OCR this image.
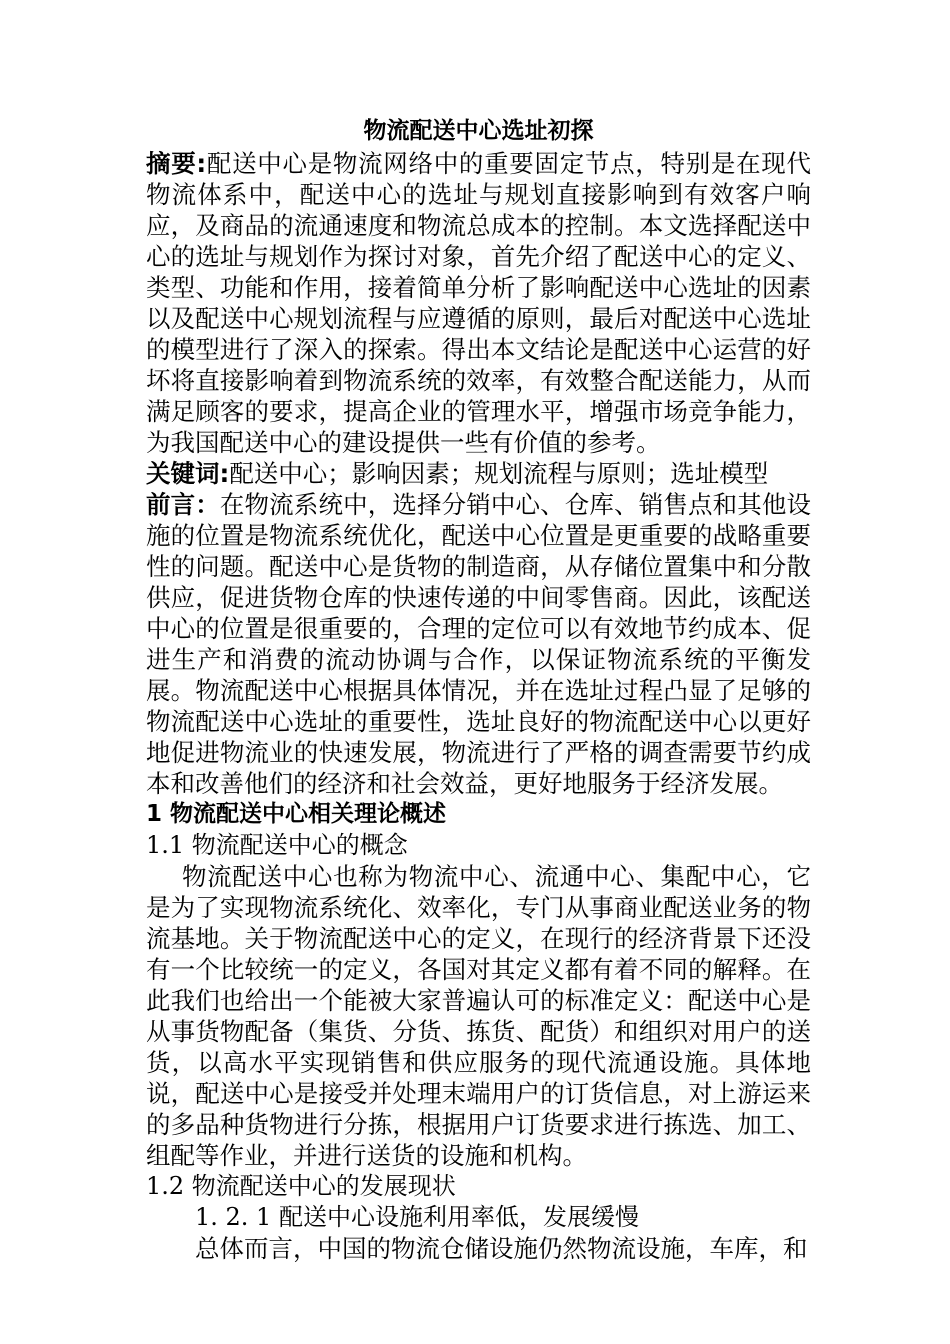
物流配送中心选址初探

摘要:配送中心是物流网络中的重要固定节点，特别是在现代物流体系中，配送中心的选址与规划直接影响到有效客户响应，及商品的流通速度和物流总成本的控制。本文选择配送中心的选址与规划作为探讨对象，首先介绍了配送中心的定义、类型、功能和作用，接着简单分析了影响配送中心选址的因素以及配送中心规划流程与应遵循的原则，最后对配送中心选址的模型进行了深入的探索。得出本文结论是配送中心运营的好坏将直接影响着到物流系统的效率，有效整合配送能力，从而满足顾客的要求，提高企业的管理水平，增强市场竞争能力，为我国配送中心的建设提供一些有价值的参考。

关键词:配送中心；影响因素；规划流程与原则；选址模型

前言：在物流系统中，选择分销中心、仓库、销售点和其他设施的位置是物流系统优化，配送中心位置是更重要的战略重要性的问题。配送中心是货物的制造商，从存储位置集中和分散供应，促进货物仓库的快速传递的中间零售商。因此，该配送中心的位置是很重要的，合理的定位可以有效地节约成本、促进生产和消费的流动协调与合作，以保证物流系统的平衡发展。物流配送中心根据具体情况，并在选址过程凸显了足够的物流配送中心选址的重要性，选址良好的物流配送中心以更好地促进物流业的快速发展，物流进行了严格的调查需要节约成本和改善他们的经济和社会效益，更好地服务于经济发展。

1 物流配送中心相关理论概述

1.1 物流配送中心的概念

物流配送中心也称为物流中心、流通中心、集配中心，它是为了实现物流系统化、效率化，专门从事商业配送业务的物流基地。关于物流配送中心的定义，在现行的经济背景下还没有一个比较统一的定义，各国对其定义都有着不同的解释。在此我们也给出一个能被大家普遍认可的标准定义：配送中心是从事货物配备（集货、分货、拣货、配货）和组织对用户的送货，以高水平实现销售和供应服务的现代流通设施。具体地说，配送中心是接受并处理末端用户的订货信息，对上游运来的多品种货物进行分拣，根据用户订货要求进行拣选、加工、组配等作业，并进行送货的设施和机构。

1.2 物流配送中心的发展现状

1. 2. 1 配送中心设施利用率低，发展缓慢

总体而言，中国的物流仓储设施仍然物流设施，车库，和
